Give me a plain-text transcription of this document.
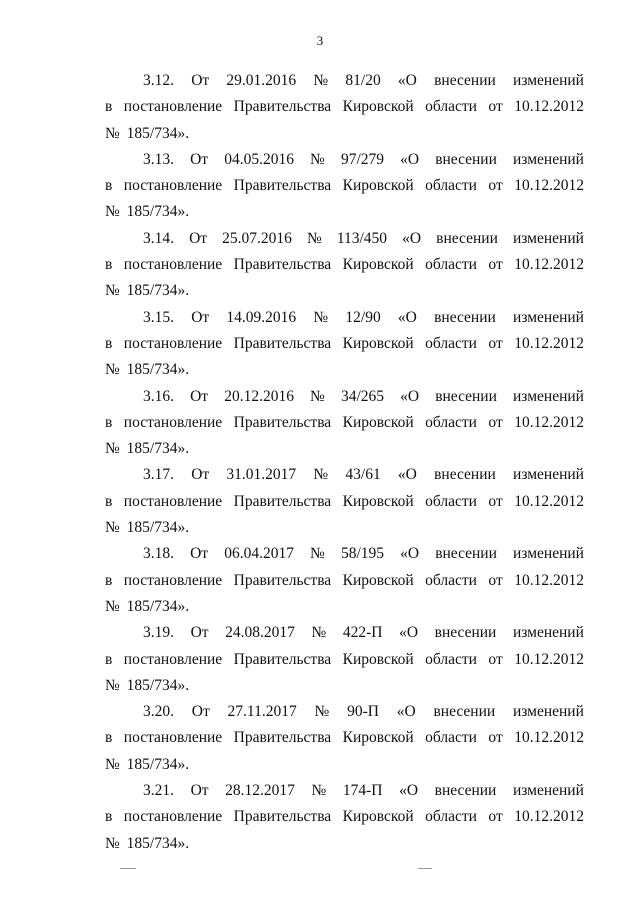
3
3.12. От 29.01.2016 № 81/20 «О внесении изменений
в постановление Правительства Кировской области от 10.12.2012
№ 185/734».
3.13. От 04.05.2016 № 97/279 «О внесении изменений
в постановление Правительства Кировской области от 10.12.2012
№ 185/734».
3.14. От 25.07.2016 № 113/450 «О внесении изменений
в постановление Правительства Кировской области от 10.12.2012
№ 185/734».
3.15. От 14.09.2016 № 12/90 «О внесении изменений
в постановление Правительства Кировской области от 10.12.2012
№ 185/734».
3.16. От 20.12.2016 № 34/265 «О внесении изменений
в постановление Правительства Кировской области от 10.12.2012
№ 185/734».
3.17. От 31.01.2017 № 43/61 «О внесении изменений
в постановление Правительства Кировской области от 10.12.2012
№ 185/734».
3.18. От 06.04.2017 № 58/195 «О внесении изменений
в постановление Правительства Кировской области от 10.12.2012
№ 185/734».
3.19. От 24.08.2017 № 422-П «О внесении изменений
в постановление Правительства Кировской области от 10.12.2012
№ 185/734».
3.20. От 27.11.2017 № 90-П «О внесении изменений
в постановление Правительства Кировской области от 10.12.2012
№ 185/734».
3.21. От 28.12.2017 № 174-П «О внесении изменений
в постановление Правительства Кировской области от 10.12.2012
№ 185/734».
